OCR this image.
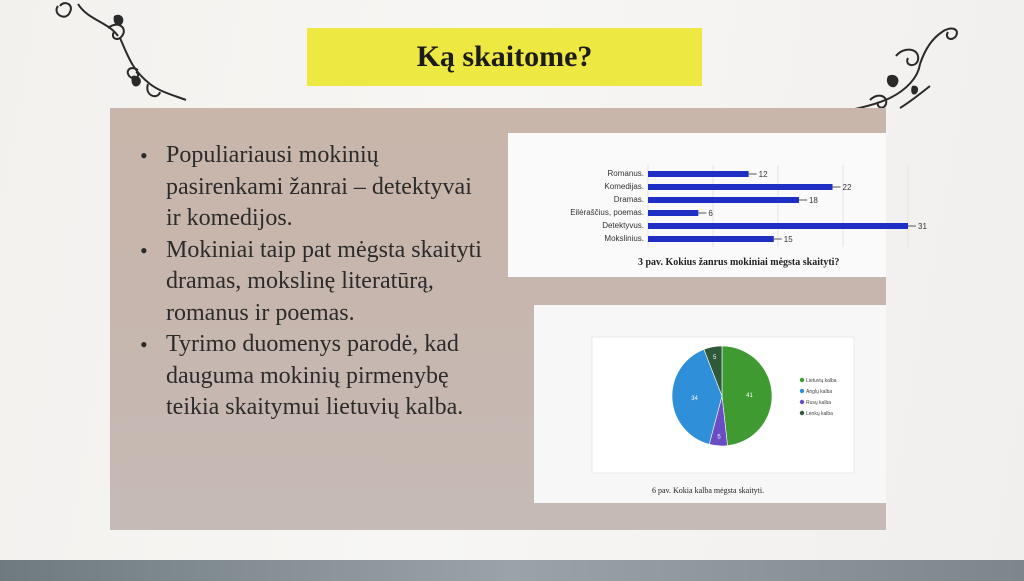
Ką skaitome?
• Populiariausi mokinių pasirenkami žanrai – detektyvai ir komedijos.
• Mokiniai taip pat mėgsta skaityti dramas, mokslinę literatūrą, romanus ir poemas.
• Tyrimo duomenys parodė, kad dauguma mokinių pirmenybę teikia skaitymui lietuvių kalba.
Romanus.	12
Komedijas.	22
Dramas.	18
Eilėraščius, poemas.	6
Detektyvus.	31
Mokslinius.	15
3 pav. Kokius žanrus mokiniai mėgsta skaityti?
41
5
34
5
Lietuvių kalba
Anglų kalba
Rusų kalba
Lenkų kalba
6 pav. Kokia kalba mėgsta skaityti.
